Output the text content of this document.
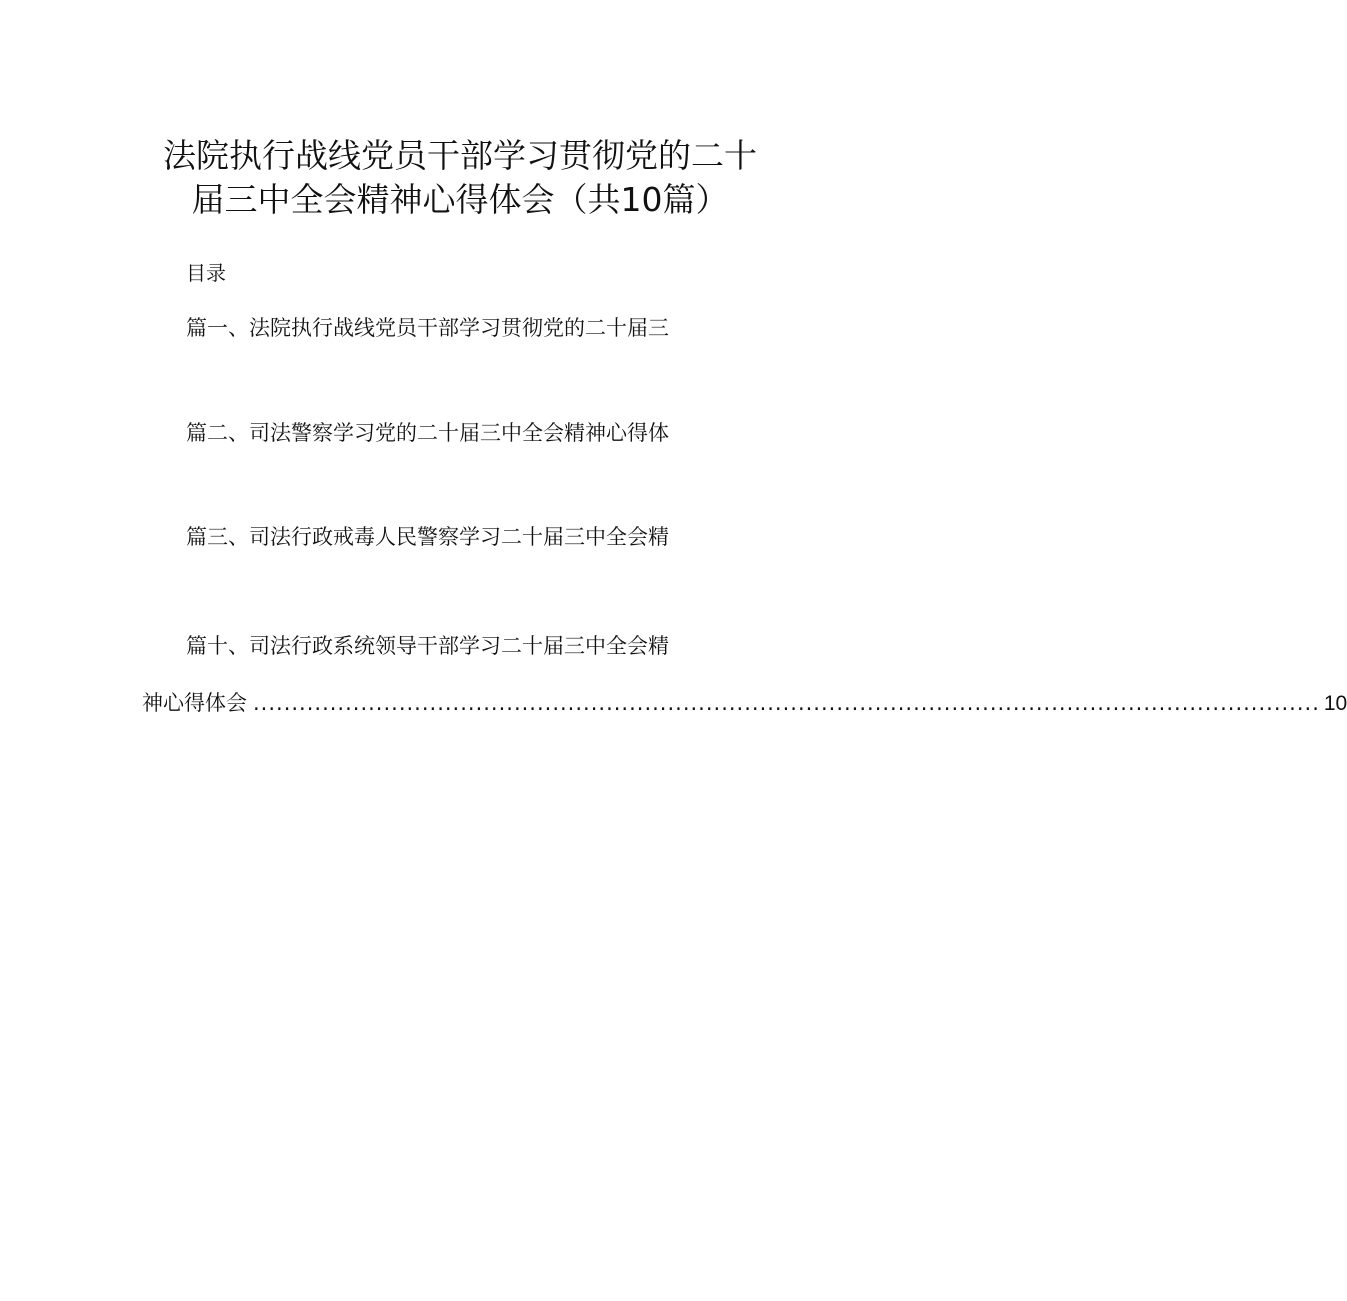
法院执行战线党员干部学习贯彻党的二十
届三中全会精神心得体会（共10篇）
目录
篇一、法院执行战线党员干部学习贯彻党的二十届三
篇二、司法警察学习党的二十届三中全会精神心得体
篇三、司法行政戒毒人民警察学习二十届三中全会精
篇十、司法行政系统领导干部学习二十届三中全会精
神心得体会 ........................................................................................................................................... 10
